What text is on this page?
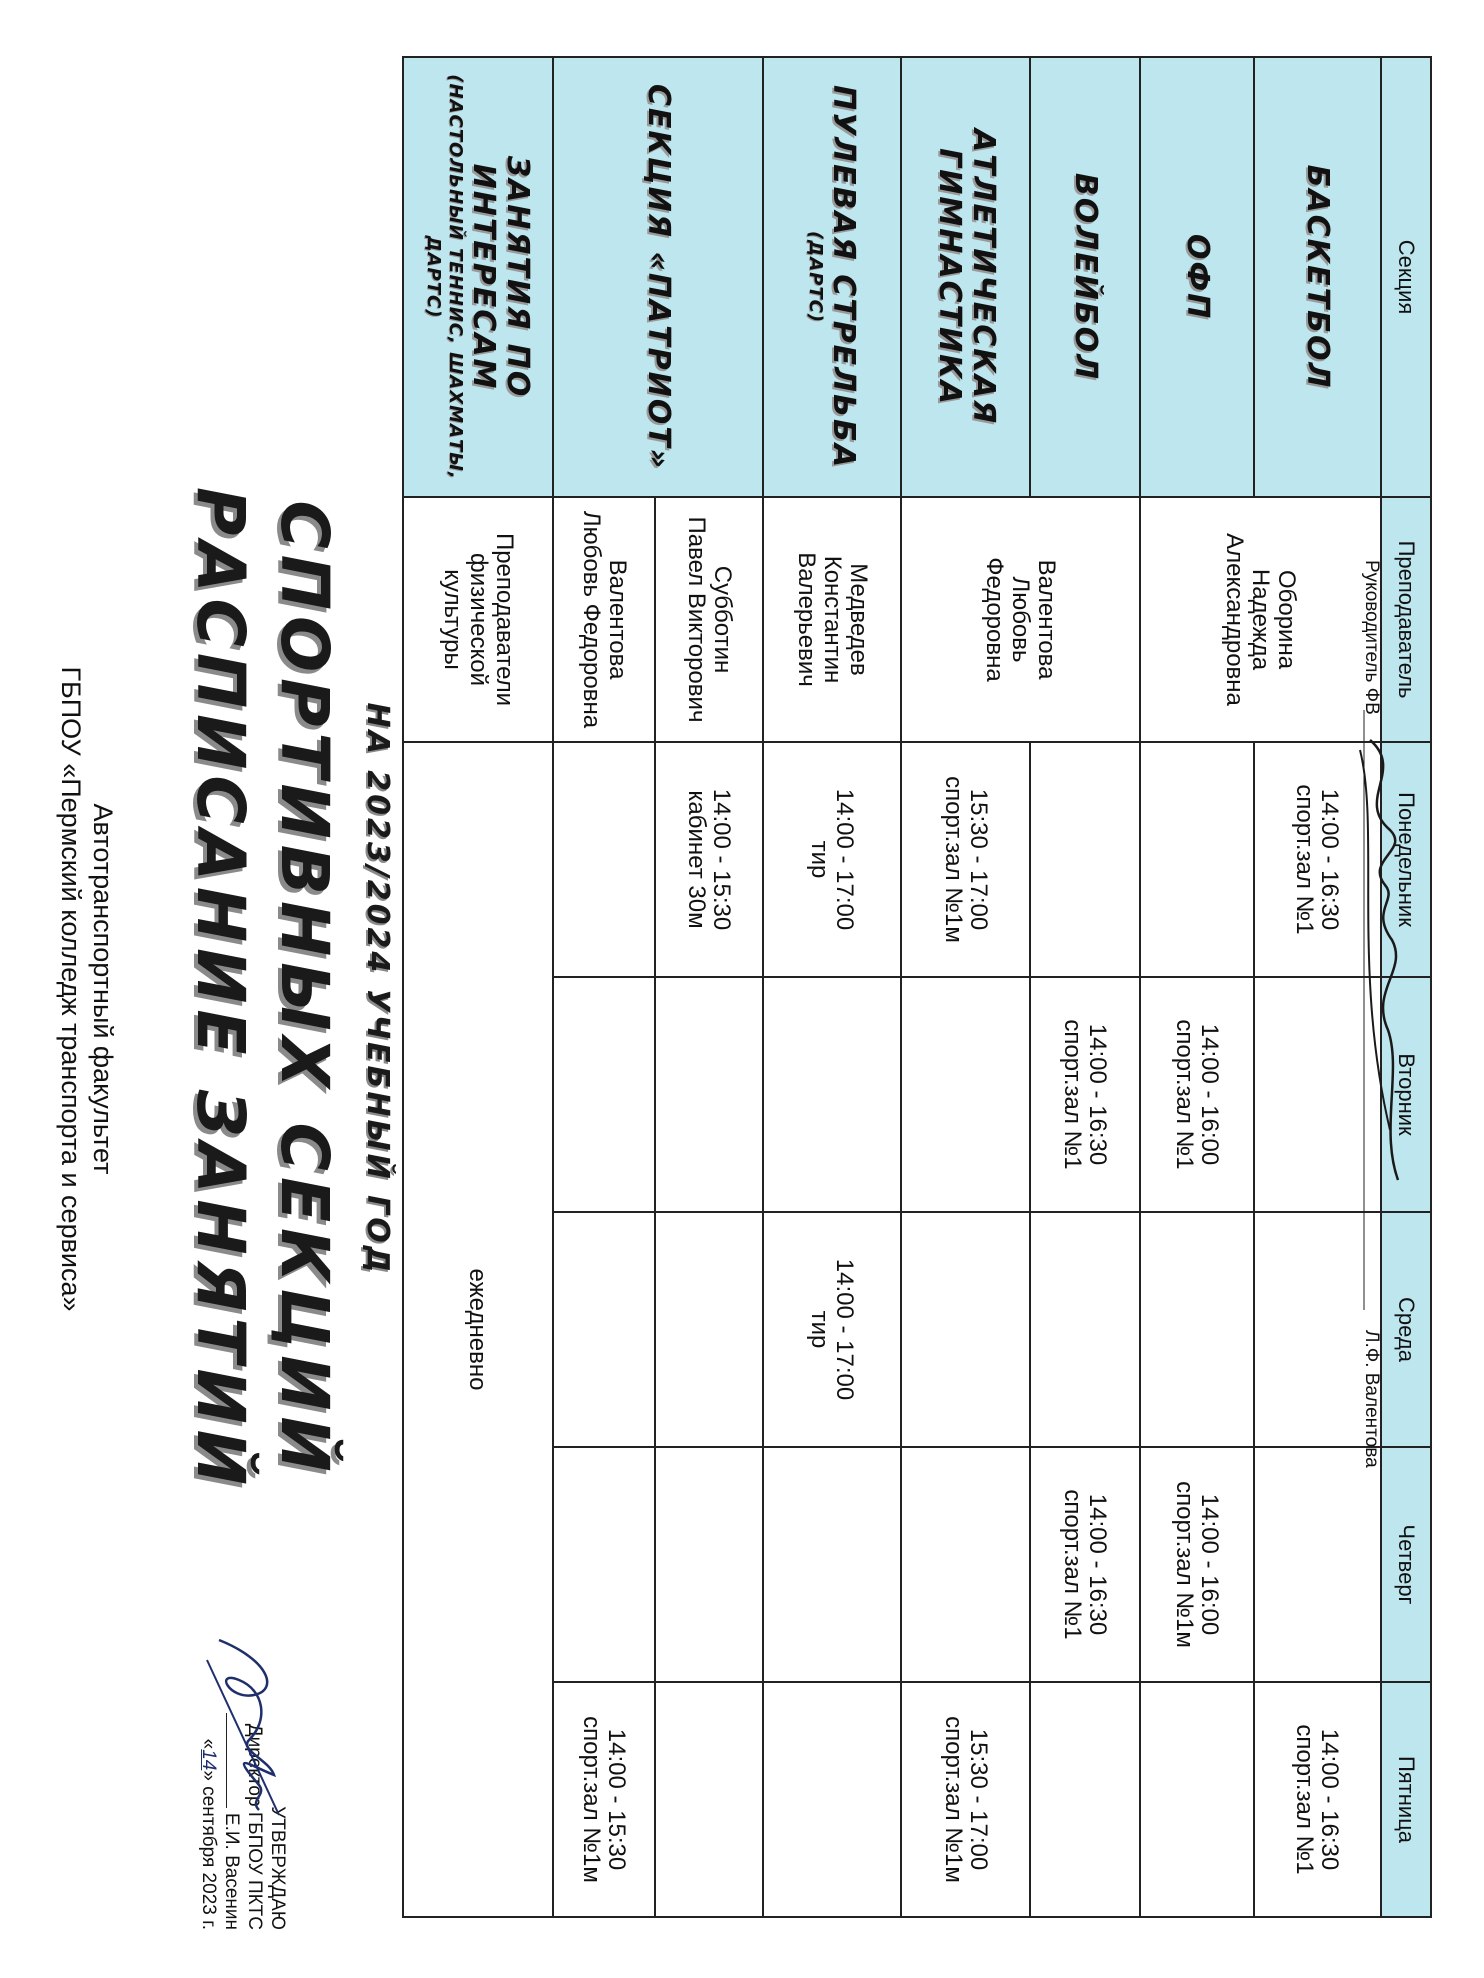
ГБПОУ «Пермский колледж транспорта и сервиса» Автотранспортный факультет РАСПИСАНИЕ ЗАНЯТИЙ СПОРТИВНЫХ СЕКЦИЙ НА 2023/2024 УЧЕБНЫЙ ГОД
УТВЕРЖДАЮ
Директор ГБПОУ ПКТС
Е.И. Васенин
«14» сентября 2023 г.
Секция	Преподаватель	Понедельник	Вторник	Среда	Четверг	Пятница
БАСКЕТБОЛ	Оборина
Надежда
Александровна	14:00 - 16:30
спорт.зал №1				14:00 - 16:30
спорт.зал №1
ОФП			14:00 - 16:00
спорт.зал №1		14:00 - 16:00
спорт.зал №1м	
ВОЛЕЙБОЛ	Валентова
Любовь
Федоровна		14:00 - 16:30
спорт.зал №1		14:00 - 16:30
спорт.зал №1	
АТЛЕТИЧЕСКАЯ ГИМНАСТИКА		15:30 - 17:00
спорт.зал №1м				15:30 - 17:00
спорт.зал №1м
ПУЛЕВАЯ СТРЕЛЬБА
(ДАРТС)	Медведев
Константин
Валерьевич	14:00 - 17:00
тир		14:00 - 17:00
тир		
СЕКЦИЯ «ПАТРИОТ»	Субботин
Павел Викторович	14:00 - 15:30
кабинет 30м				
	Валентова
Любовь Федоровна					14:00 - 15:30
спорт.зал №1м
ЗАНЯТИЯ ПО ИНТЕРЕСАМ
(НАСТОЛЬНЫЙ ТЕННИС, ШАХМАТЫ, ДАРТС)	Преподаватели
физической
культуры	ежедневно				
Руководитель ФВ
Л.Ф. Валентова
